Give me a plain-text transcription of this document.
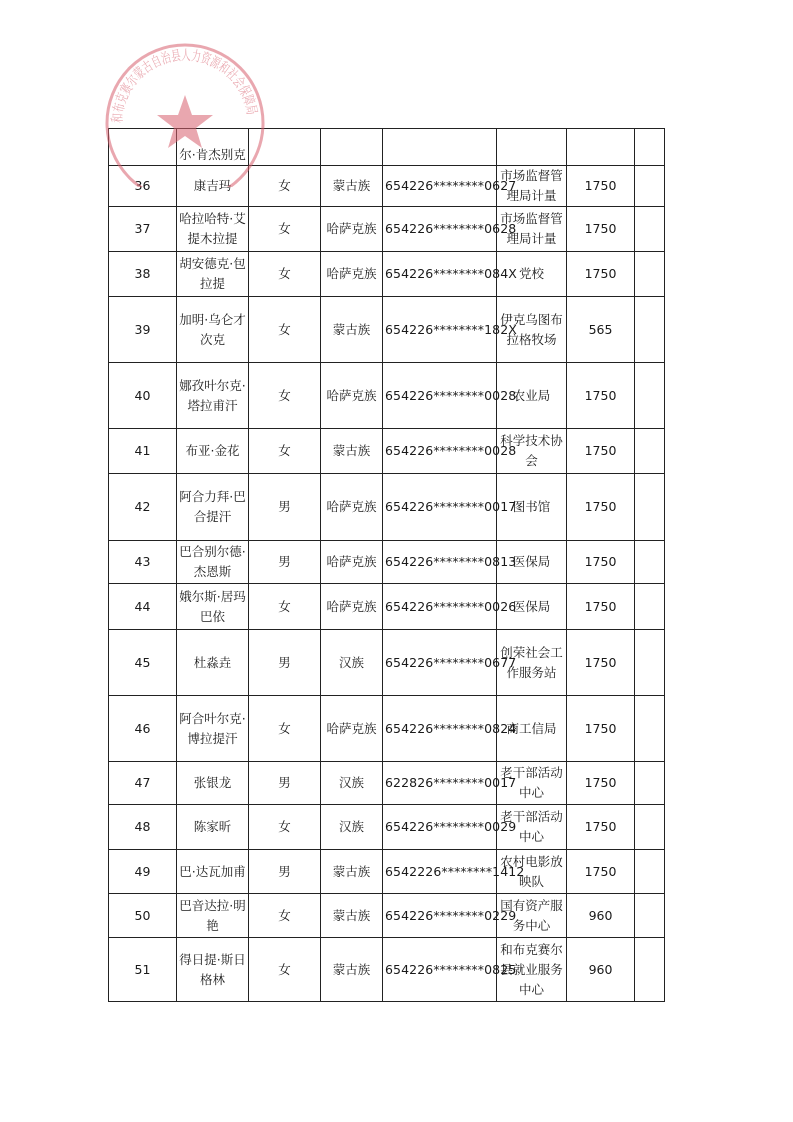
	尔·肯杰别克						
36	康吉玛	女	蒙古族	654226********0627	市场监督管理局计量	1750	
37	哈拉哈特·艾提木拉提	女	哈萨克族	654226********0628	市场监督管理局计量	1750	
38	胡安德克·包拉提	女	哈萨克族	654226********084X	党校	1750	
39	加明·乌仑才次克	女	蒙古族	654226********182X	伊克乌图布拉格牧场	565	
40	娜孜叶尔克·塔拉甫汗	女	哈萨克族	654226********0028	农业局	1750	
41	布亚·金花	女	蒙古族	654226********0028	科学技术协会	1750	
42	阿合力拜·巴合提汗	男	哈萨克族	654226********0017	图书馆	1750	
43	巴合别尔德·杰恩斯	男	哈萨克族	654226********0813	医保局	1750	
44	娥尔斯·居玛巴依	女	哈萨克族	654226********0026	医保局	1750	
45	杜淼垚	男	汉族	654226********0677	创荣社会工作服务站	1750	
46	阿合叶尔克·博拉提汗	女	哈萨克族	654226********0824	商工信局	1750	
47	张银龙	男	汉族	622826********0017	老干部活动中心	1750	
48	陈家昕	女	汉族	654226********0029	老干部活动中心	1750	
49	巴·达瓦加甫	男	蒙古族	6542226********1412	农村电影放映队	1750	
50	巴音达拉·明艳	女	蒙古族	654226********0229	国有资产服务中心	960	
51	得日提·斯日格林	女	蒙古族	654226********0825	和布克赛尔县就业服务中心	960	
和布克赛尔蒙古自治县人力资源和社会保障局
